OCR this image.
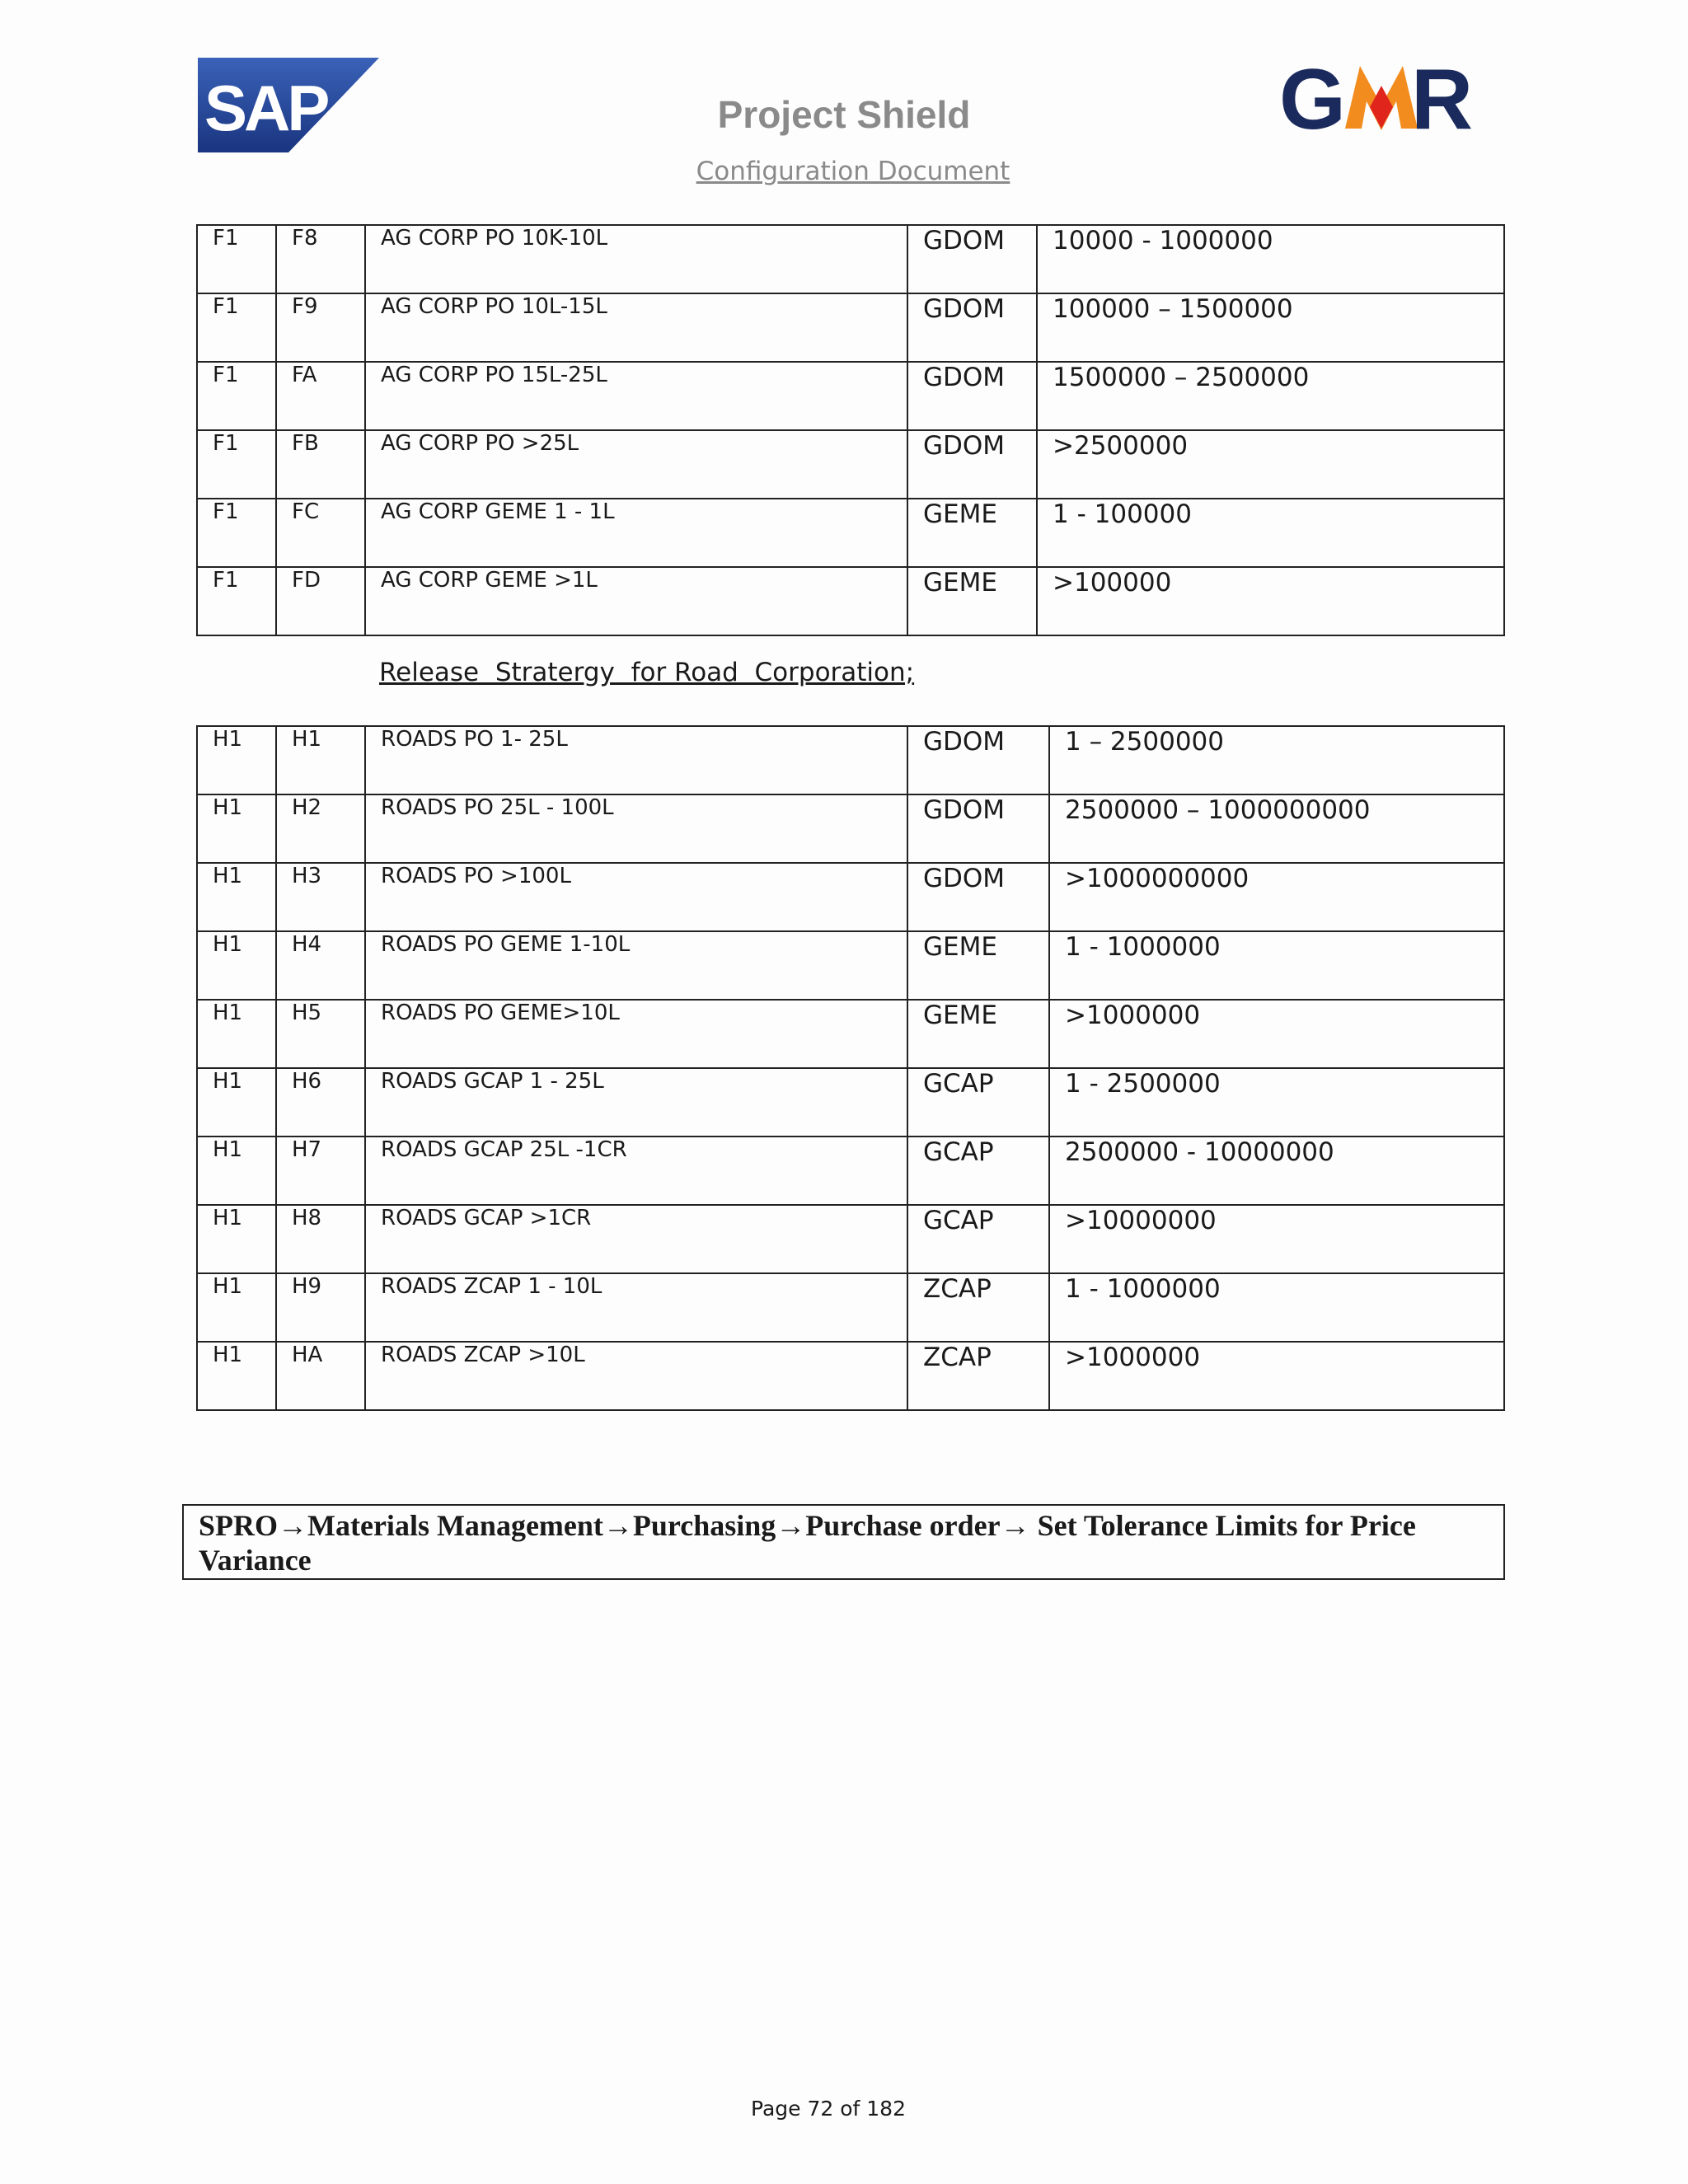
SAP	G R
Project Shield
Configuration Document
F1	F8	AG CORP PO 10K-10L	GDOM	10000 - 1000000

F1	F9	AG CORP PO 10L-15L	GDOM	100000 – 1500000

F1	FA	AG CORP PO 15L-25L	GDOM	1500000 – 2500000

F1	FB	AG CORP PO >25L	GDOM	>2500000

F1	FC	AG CORP GEME 1 - 1L	GEME	1 - 100000

F1	FD	AG CORP GEME >1L	GEME	>100000
Release  Stratergy  for Road  Corporation;
H1	H1	ROADS PO 1- 25L	GDOM	1 – 2500000

H1	H2	ROADS PO 25L - 100L	GDOM	2500000 – 1000000000

H1	H3	ROADS PO >100L	GDOM	>1000000000

H1	H4	ROADS PO GEME 1-10L	GEME	1 - 1000000

H1	H5	ROADS PO GEME>10L	GEME	>1000000

H1	H6	ROADS GCAP 1 - 25L	GCAP	1 - 2500000

H1	H7	ROADS GCAP 25L -1CR	GCAP	2500000 - 10000000

H1	H8	ROADS GCAP >1CR	GCAP	>10000000

H1	H9	ROADS ZCAP 1 - 10L	ZCAP	1 - 1000000

H1	HA	ROADS ZCAP >10L	ZCAP	>1000000
SPRO→Materials Management→Purchasing→Purchase order→ Set Tolerance Limits for Price Variance
Page 72 of 182
